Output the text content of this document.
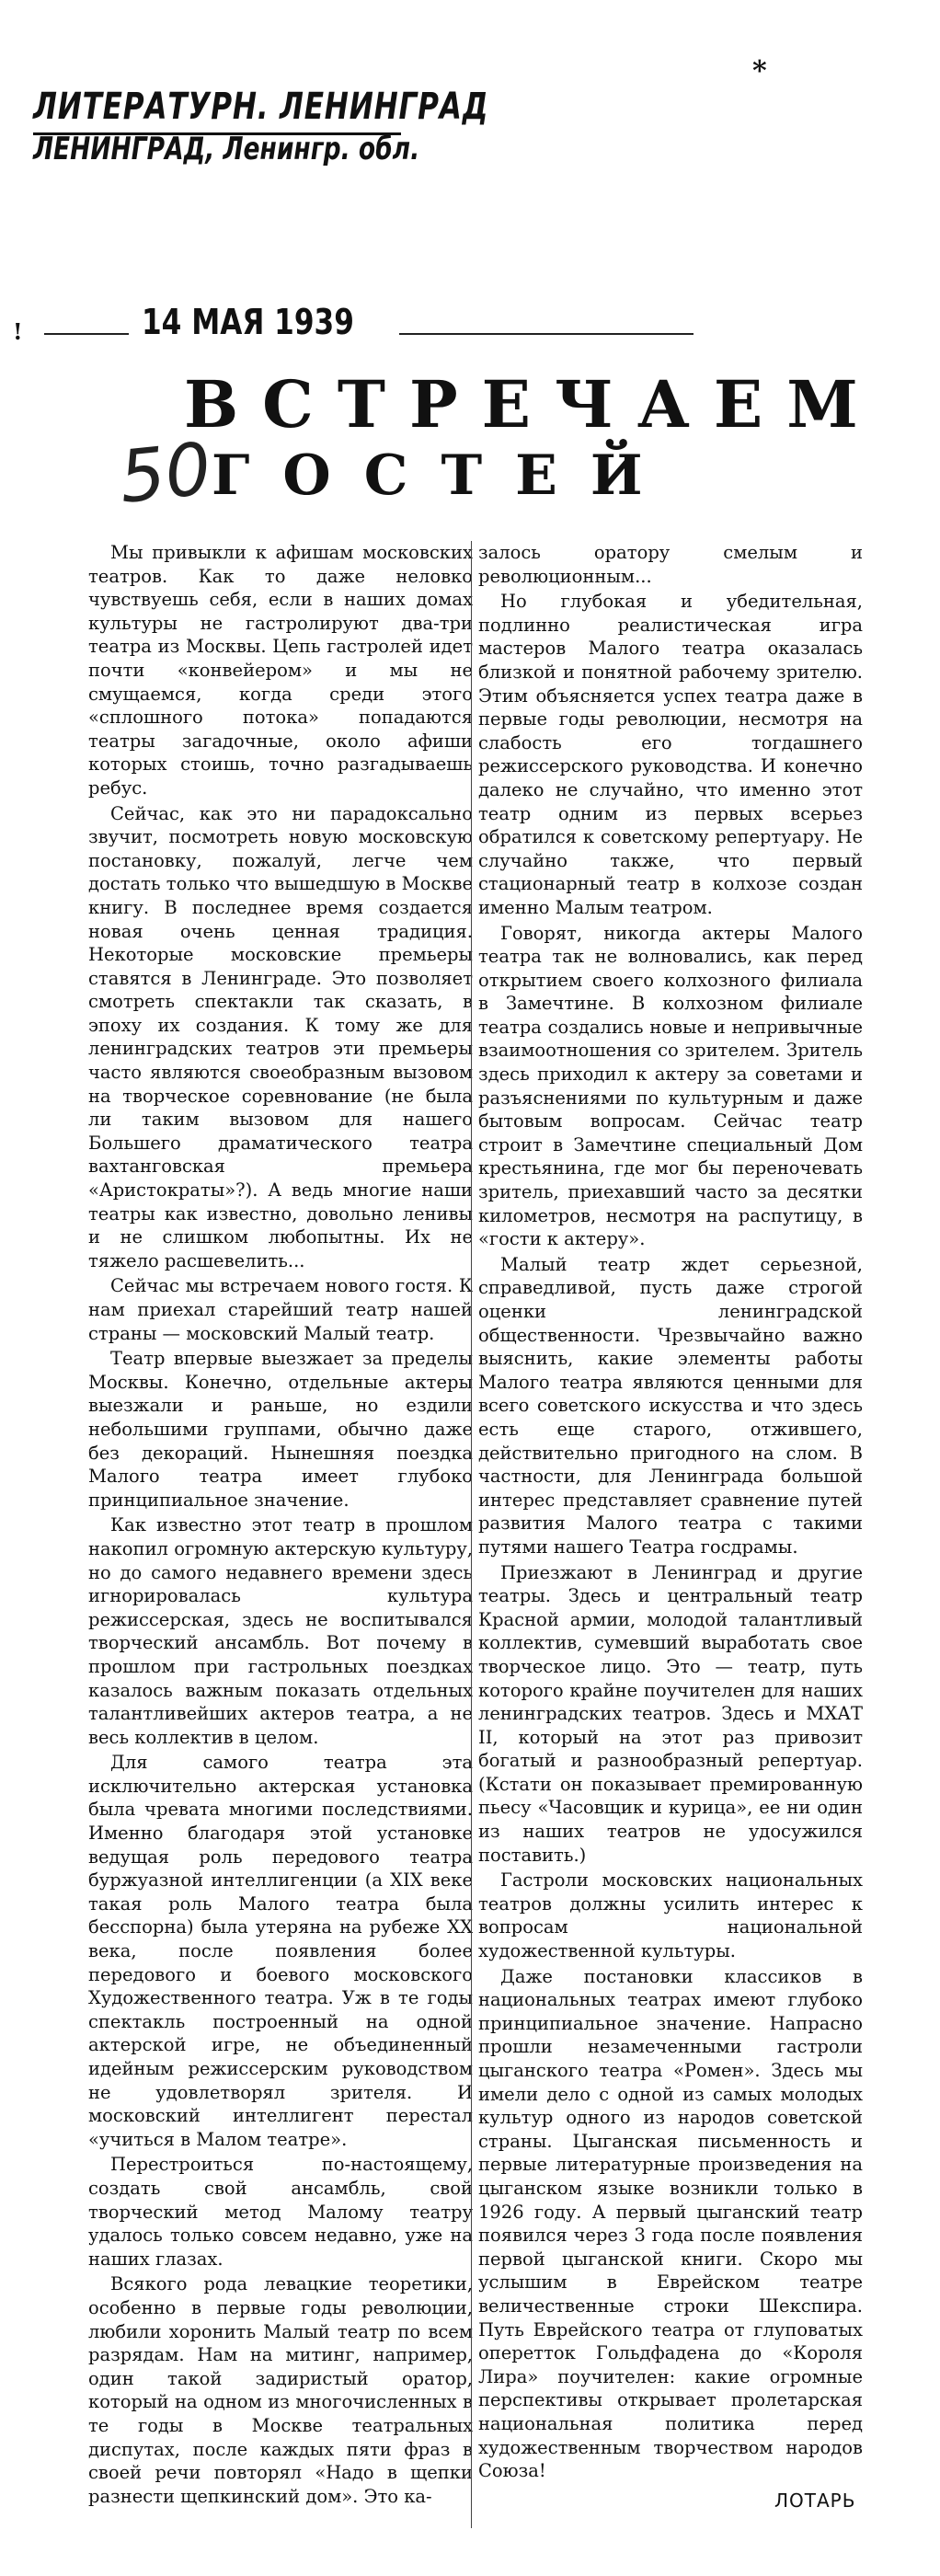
ЛИТЕРАТУРН. ЛЕНИНГРАД
ЛЕНИНГРАД, Ленингр. обл.
*
!	14 МАЯ 1939
ВСТРЕЧАЕМ
50
ГОСТЕЙ

Мы привыкли к афишам московских театров. Как то даже неловко чувствуешь себя, если в наших домах культуры не гастролируют два-три театра из Москвы. Цепь гастролей идет почти «конвейером» и мы не смущаемся, когда среди этого «сплошного потока» попадаются театры загадочные, около афиши которых стоишь, точно разгадываешь ребус.

Сейчас, как это ни парадоксально звучит, посмотреть новую московскую постановку, пожалуй, легче чем достать только что вышедшую в Москве книгу. В последнее время создается новая очень ценная традиция. Некоторые московские премьеры ставятся в Ленинграде. Это позволяет смотреть спектакли так сказать, в эпоху их создания. К тому же для ленинградских театров эти премьеры часто являются своеобразным вызовом на творческое соревнование (не была ли таким вызовом для нашего Большего драматического театра вахтанговская премьера «Аристократы»?). А ведь многие наши театры как известно, довольно ленивы и не слишком любопытны. Их не тяжело расшевелить...

Сейчас мы встречаем нового гостя. К нам приехал старейший театр нашей страны — московский Малый театр.

Театр впервые выезжает за пределы Москвы. Конечно, отдельные актеры выезжали и раньше, но ездили небольшими группами, обычно даже без декораций. Нынешняя поездка Малого театра имеет глубоко принципиальное значение.

Как известно этот театр в прошлом накопил огромную актерскую культуру, но до самого недавнего времени здесь игнорировалась культура режиссерская, здесь не воспитывался творческий ансамбль. Вот почему в прошлом при гастрольных поездках казалось важным показать отдельных талантливейших актеров театра, а не весь коллектив в целом.

Для самого театра эта исключительно актерская установка была чревата многими последствиями. Именно благодаря этой установке ведущая роль передового театра буржуазной интеллигенции (а XIX веке такая роль Малого театра была бесспорна) была утеряна на рубеже XX века, после появления более передового и боевого московского Художественного театра. Уж в те годы спектакль построенный на одной актерской игре, не объединенный идейным режиссерским руководством не удовлетворял зрителя. И московский интеллигент перестал «учиться в Малом театре».

Перестроиться по-настоящему, создать свой ансамбль, свой творческий метод Малому театру удалось только совсем недавно, уже на наших глазах.

Всякого рода левацкие теоретики, особенно в первые годы революции, любили хоронить Малый театр по всем разрядам. Нам на митинг, например, один такой задиристый оратор, который на одном из многочисленных в те годы в Москве театральных диспутах, после каждых пяти фраз в своей речи повторял «Надо в щепки разнести щепкинский дом». Это ка-

залось оратору смелым и революционным...

Но глубокая и убедительная, подлинно реалистическая игра мастеров Малого театра оказалась близкой и понятной рабочему зрителю. Этим объясняется успех театра даже в первые годы революции, несмотря на слабость его тогдашнего режиссерского руководства. И конечно далеко не случайно, что именно этот театр одним из первых всерьез обратился к советскому репертуару. Не случайно также, что первый стационарный театр в колхозе создан именно Малым театром.

Говорят, никогда актеры Малого театра так не волновались, как перед открытием своего колхозного филиала в Замечтине. В колхозном филиале театра создались новые и непривычные взаимоотношения со зрителем. Зритель здесь приходил к актеру за советами и разъяснениями по культурным и даже бытовым вопросам. Сейчас театр строит в Замечтине специальный Дом крестьянина, где мог бы переночевать зритель, приехавший часто за десятки километров, несмотря на распутицу, в «гости к актеру».

Малый театр ждет серьезной, справедливой, пусть даже строгой оценки ленинградской общественности. Чрезвычайно важно выяснить, какие элементы работы Малого театра являются ценными для всего советского искусства и что здесь есть еще старого, отжившего, действительно пригодного на слом. В частности, для Ленинграда большой интерес представляет сравнение путей развития Малого театра с такими путями нашего Театра госдрамы.

Приезжают в Ленинград и другие театры. Здесь и центральный театр Красной армии, молодой талантливый коллектив, сумевший выработать свое творческое лицо. Это — театр, путь которого крайне поучителен для наших ленинградских театров. Здесь и МХАТ II, который на этот раз привозит богатый и разнообразный репертуар. (Кстати он показывает премированную пьесу «Часовщик и курица», ее ни один из наших театров не удосужился поставить.)

Гастроли московских национальных театров должны усилить интерес к вопросам национальной художественной культуры.

Даже постановки классиков в национальных театрах имеют глубоко принципиальное значение. Напрасно прошли незамеченными гастроли цыганского театра «Ромен». Здесь мы имели дело с одной из самых молодых культур одного из народов советской страны. Цыганская письменность и первые литературные произведения на цыганском языке возникли только в 1926 году. А первый цыганский театр появился через 3 года после появления первой цыганской книги. Скоро мы услышим в Еврейском театре величественные строки Шекспира. Путь Еврейского театра от глуповатых оперетток Гольдфадена до «Короля Лира» поучителен: какие огромные перспективы открывает пролетарская национальная политика перед художественным творчеством народов Союза!

ЛОТАРЬ
